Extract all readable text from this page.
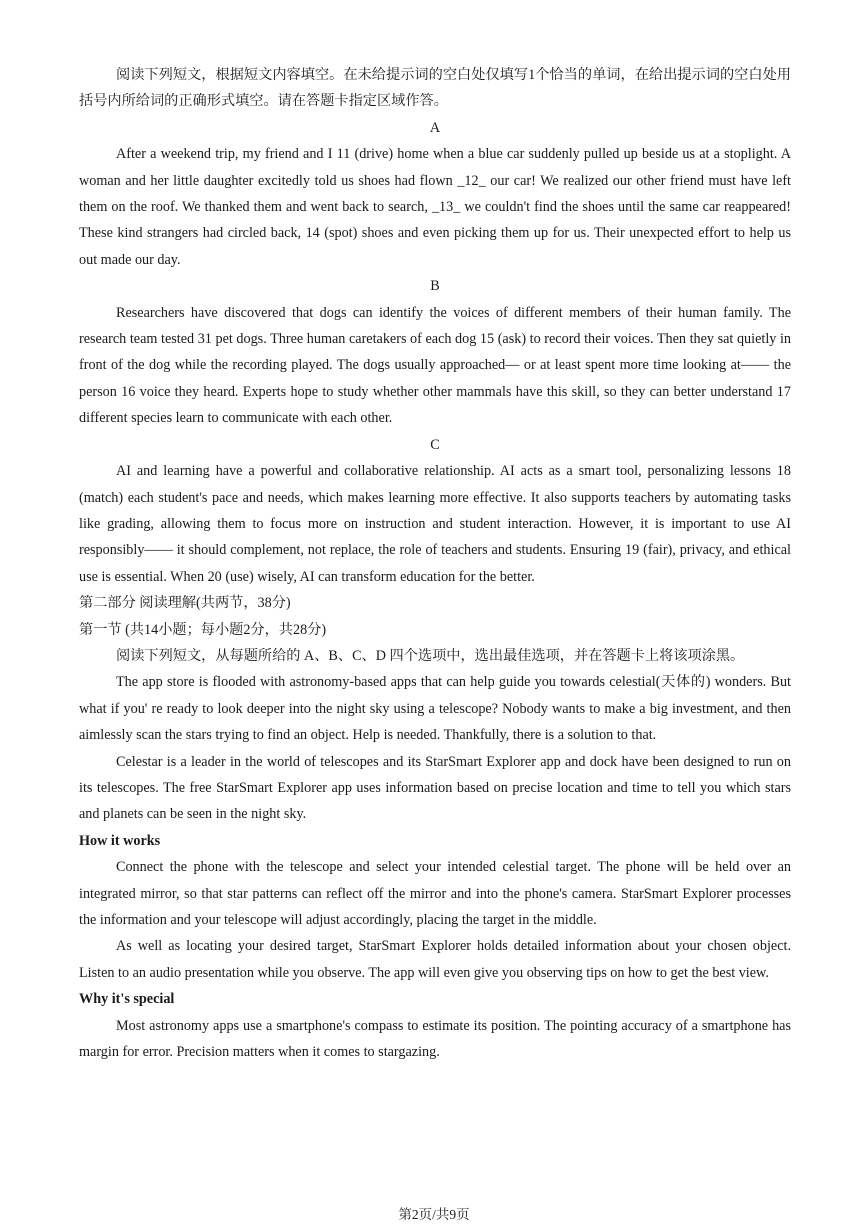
阅读下列短文，根据短文内容填空。在未给提示词的空白处仅填写1个恰当的单词，在给出提示词的空白处用括号内所给词的正确形式填空。请在答题卡指定区域作答。

A

After a weekend trip, my friend and I 11 (drive) home when a blue car suddenly pulled up beside us at a stoplight. A woman and her little daughter excitedly told us shoes had flown _12_ our car! We realized our other friend must have left them on the roof. We thanked them and went back to search, _13_ we couldn't find the shoes until the same car reappeared! These kind strangers had circled back, 14 (spot) shoes and even picking them up for us. Their unexpected effort to help us out made our day.

B

Researchers have discovered that dogs can identify the voices of different members of their human family. The research team tested 31 pet dogs. Three human caretakers of each dog 15 (ask) to record their voices. Then they sat quietly in front of the dog while the recording played. The dogs usually approached— or at least spent more time looking at—— the person 16 voice they heard. Experts hope to study whether other mammals have this skill, so they can better understand 17 different species learn to communicate with each other.

C

AI and learning have a powerful and collaborative relationship. AI acts as a smart tool, personalizing lessons 18 (match) each student's pace and needs, which makes learning more effective. It also supports teachers by automating tasks like grading, allowing them to focus more on instruction and student interaction. However, it is important to use AI responsibly—— it should complement, not replace, the role of teachers and students. Ensuring 19 (fair), privacy, and ethical use is essential. When 20 (use) wisely, AI can transform education for the better.

第二部分 阅读理解(共两节，38分)

第一节 (共14小题；每小题2分，共28分)

阅读下列短文，从每题所给的 A、B、C、D 四个选项中，选出最佳选项，并在答题卡上将该项涂黑。

The app store is flooded with astronomy-based apps that can help guide you towards celestial(天体的) wonders. But what if you' re ready to look deeper into the night sky using a telescope? Nobody wants to make a big investment, and then aimlessly scan the stars trying to find an object. Help is needed. Thankfully, there is a solution to that.

Celestar is a leader in the world of telescopes and its StarSmart Explorer app and dock have been designed to run on its telescopes. The free StarSmart Explorer app uses information based on precise location and time to tell you which stars and planets can be seen in the night sky.

How it works

Connect the phone with the telescope and select your intended celestial target. The phone will be held over an integrated mirror, so that star patterns can reflect off the mirror and into the phone's camera. StarSmart Explorer processes the information and your telescope will adjust accordingly, placing the target in the middle.

As well as locating your desired target, StarSmart Explorer holds detailed information about your chosen object. Listen to an audio presentation while you observe. The app will even give you observing tips on how to get the best view.

Why it's special

Most astronomy apps use a smartphone's compass to estimate its position. The pointing accuracy of a smartphone has margin for error. Precision matters when it comes to stargazing.

第2页/共9页
